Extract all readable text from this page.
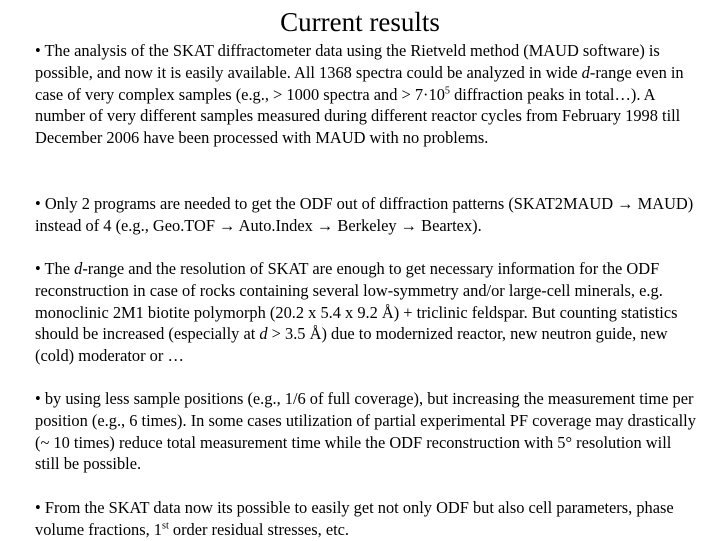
Current results

• The analysis of the SKAT diffractometer data using the Rietveld method (MAUD software) is possible, and now it is easily available. All 1368 spectra could be analyzed in wide d-range even in case of very complex samples (e.g., > 1000 spectra and > $7\cdot 10^5$ diffraction peaks in total…). A number of very different samples measured during different reactor cycles from February 1998 till December 2006 have been processed with MAUD with no problems.

• Only 2 programs are needed to get the ODF out of diffraction patterns (SKAT2MAUD → MAUD) instead of 4 (e.g., Geo.TOF → Auto.Index → Berkeley → Beartex).

• The d-range and the resolution of SKAT are enough to get necessary information for the ODF reconstruction in case of rocks containing several low-symmetry and/or large-cell minerals, e.g. monoclinic 2M1 biotite polymorph (20.2 x 5.4 x 9.2 Å) + triclinic feldspar. But counting statistics should be increased (especially at d > 3.5 Å) due to modernized reactor, new neutron guide, new (cold) moderator or …

• by using less sample positions (e.g., 1/6 of full coverage), but increasing the measurement time per position (e.g., 6 times). In some cases utilization of partial experimental PF coverage may drastically (~ 10 times) reduce total measurement time while the ODF reconstruction with 5° resolution will still be possible.

• From the SKAT data now its possible to easily get not only ODF but also cell parameters, phase volume fractions, 1st order residual stresses, etc.
